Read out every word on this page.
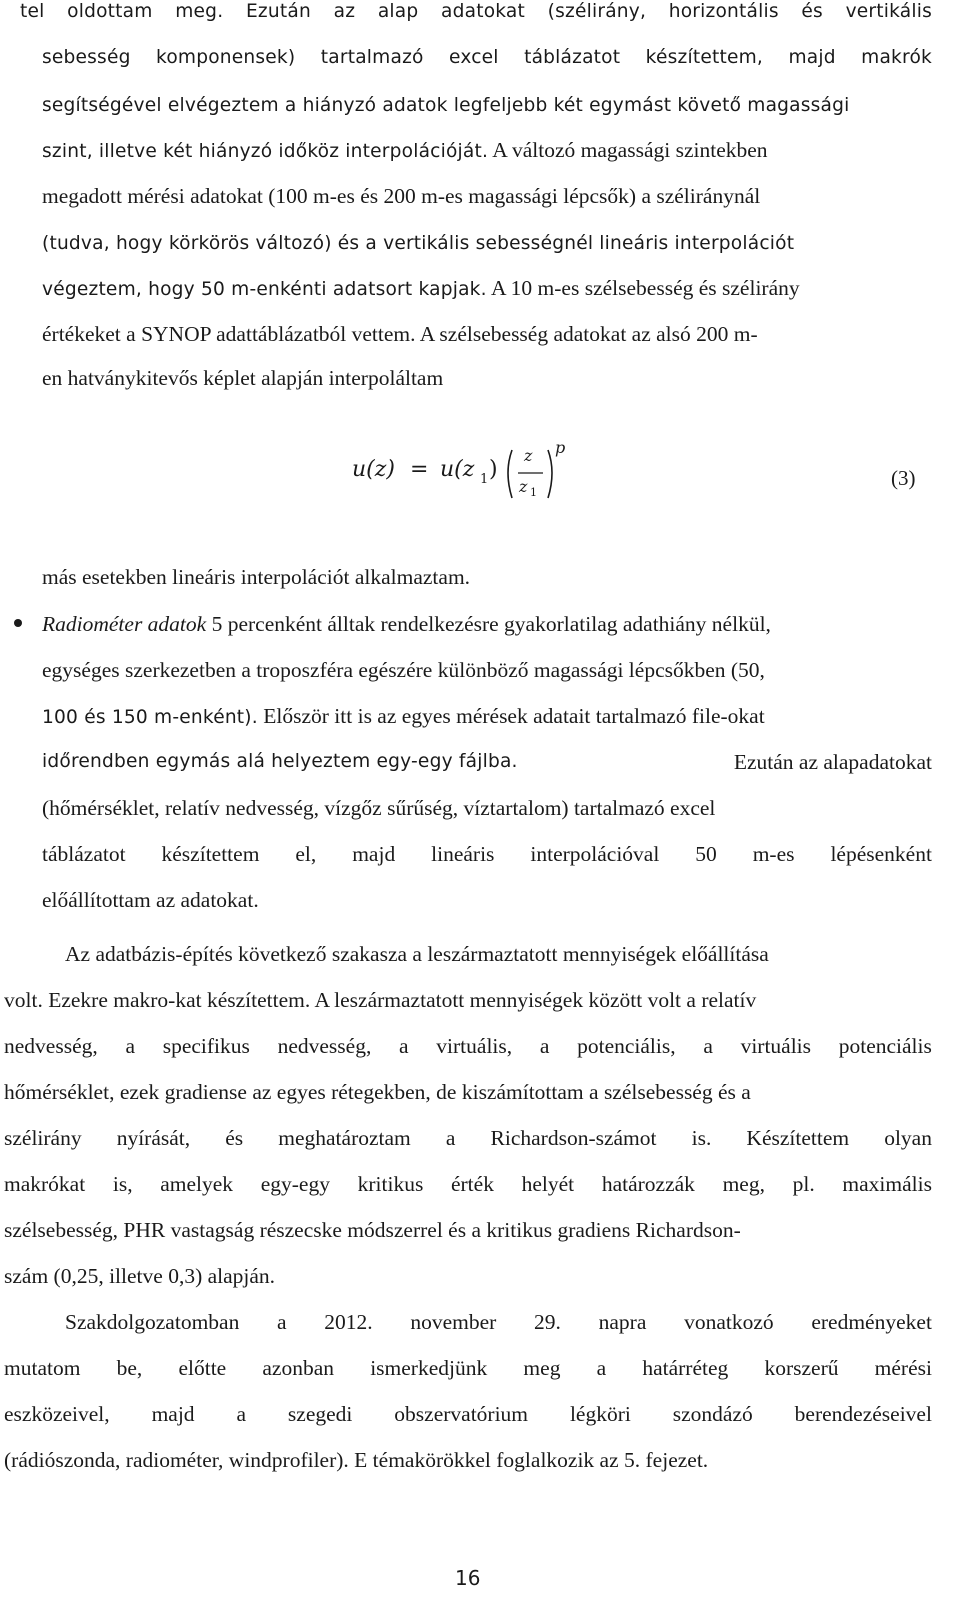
tel oldottam meg. Ezután az alap adatokat (szélirány, horizontális és vertikális
sebesség komponensek) tartalmazó excel táblázatot készítettem, majd makrók
segítségével elvégeztem a hiányzó adatok legfeljebb két egymást követő magassági
szint, illetve két hiányzó időköz interpolációját. A változó magassági szintekben
megadott mérési adatokat (100 m-es és 200 m-es magassági lépcsők) a széliránynál
(tudva, hogy körkörös változó) és a vertikális sebességnél lineáris interpolációt
végeztem, hogy 50 m-enkénti adatsort kapjak. A 10 m-es szélsebesség és szélirány
értékeket a SYNOP adattáblázatból vettem. A szélsebesség adatokat az alsó 200 m-
en hatványkitevős képlet alapján interpoláltam
u(z) = u(z 1 )
z
z 1
p
(3)
más esetekben lineáris interpolációt alkalmaztam.
Radiométer adatok 5 percenként álltak rendelkezésre gyakorlatilag adathiány nélkül,
egységes szerkezetben a troposzféra egészére különböző magassági lépcsőkben (50,
100 és 150 m-enként). Először itt is az egyes mérések adatait tartalmazó file-okat
időrendben egymás alá helyeztem egy-egy fájlba.	Ezután az alapadatokat
(hőmérséklet, relatív nedvesség, vízgőz sűrűség, víztartalom) tartalmazó excel
táblázatot készítettem el, majd lineáris interpolációval 50 m-es lépésenként
előállítottam az adatokat.
Az adatbázis-építés következő szakasza a leszármaztatott mennyiségek előállítása
volt. Ezekre makro-kat készítettem. A leszármaztatott mennyiségek között volt a relatív
nedvesség, a specifikus nedvesség, a virtuális, a potenciális, a virtuális potenciális
hőmérséklet, ezek gradiense az egyes rétegekben, de kiszámítottam a szélsebesség és a
szélirány nyírását, és meghatároztam a Richardson-számot is. Készítettem olyan
makrókat is, amelyek egy-egy kritikus érték helyét határozzák meg, pl. maximális
szélsebesség, PHR vastagság részecske módszerrel és a kritikus gradiens Richardson-
szám (0,25, illetve 0,3) alapján.
Szakdolgozatomban a 2012. november 29. napra vonatkozó eredményeket
mutatom be, előtte azonban ismerkedjünk meg a határréteg korszerű mérési
eszközeivel, majd a szegedi obszervatórium légköri szondázó berendezéseivel
(rádiószonda, radiométer, windprofiler). E témakörökkel foglalkozik az 5. fejezet.
16
